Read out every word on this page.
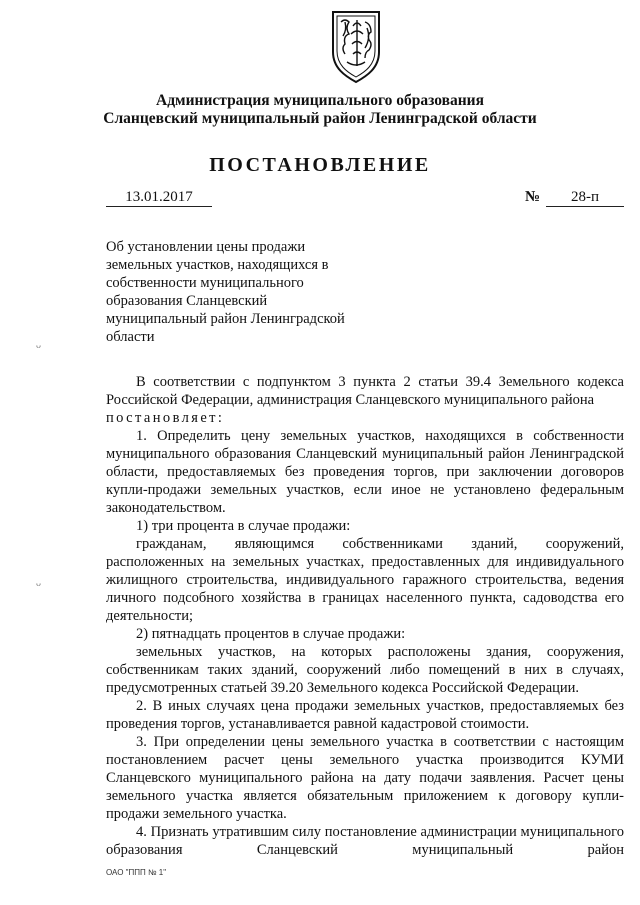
Администрация муниципального образования
Сланцевский муниципальный район Ленинградской области
ПОСТАНОВЛЕНИЕ
13.01.2017	№	28-п
Об установлении цены продажи
земельных участков, находящихся в
собственности муниципального
образования Сланцевский
муниципальный район Ленинградской
области
ᴗ
ᴗ

В соответствии с подпунктом 3 пункта 2 статьи 39.4 Земельного кодекса Российской Федерации, администрация Сланцевского муниципального района

постановляет:

1. Определить цену земельных участков, находящихся в собственности муниципального образования Сланцевский муниципальный район Ленинградской области, предоставляемых без проведения торгов, при заключении договоров купли-продажи земельных участков, если иное не установлено федеральным законодательством.

1) три процента в случае продажи:

гражданам, являющимся собственниками зданий, сооружений, расположенных на земельных участках, предоставленных для индивидуального жилищного строительства, индивидуального гаражного строительства, ведения личного подсобного хозяйства в границах населенного пункта, садоводства его деятельности;

2) пятнадцать процентов в случае продажи:

земельных участков, на которых расположены здания, сооружения, собственникам таких зданий, сооружений либо помещений в них в случаях, предусмотренных статьей 39.20 Земельного кодекса Российской Федерации.

2. В иных случаях цена продажи земельных участков, предоставляемых без проведения торгов, устанавливается равной кадастровой стоимости.

3. При определении цены земельного участка в соответствии с настоящим постановлением расчет цены земельного участка производится КУМИ Сланцевского муниципального района на дату подачи заявления. Расчет цены земельного участка является обязательным приложением к договору купли-продажи земельного участка.

4. Признать утратившим силу постановление администрации муниципального образования Сланцевский муниципальный район

ОАО "ППП № 1"
